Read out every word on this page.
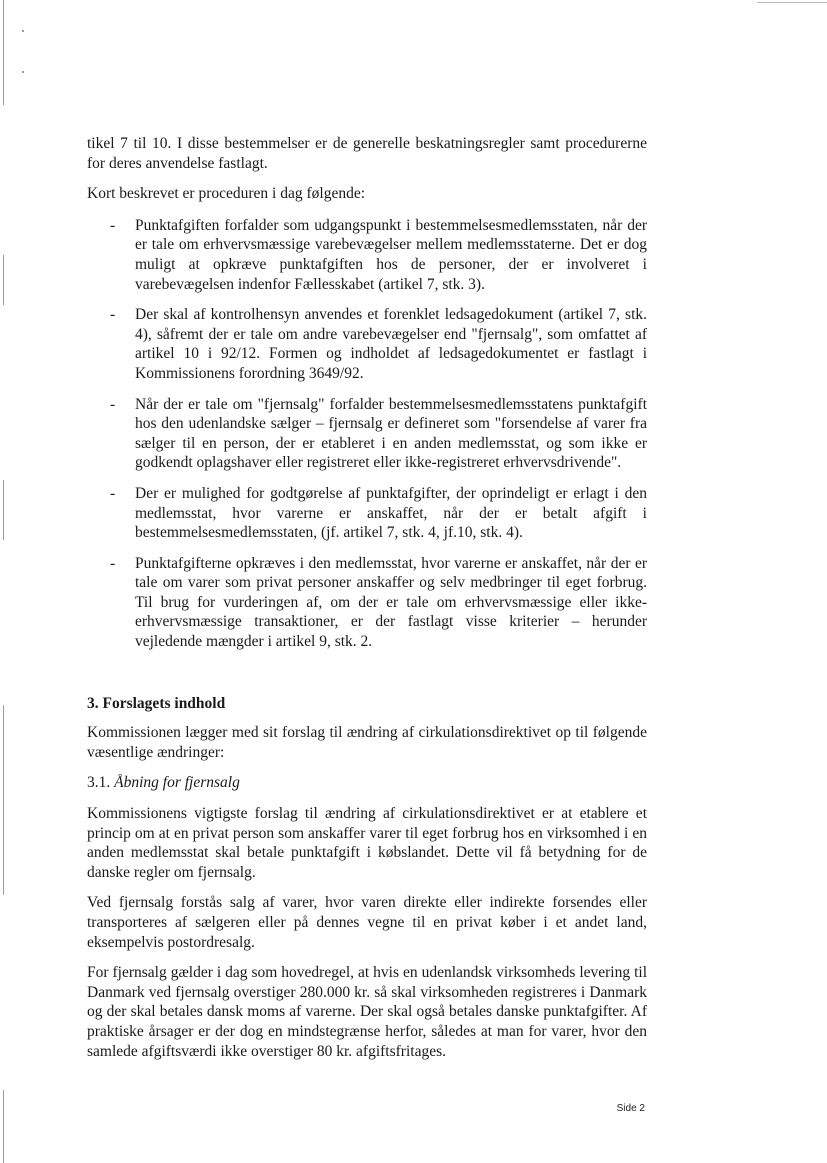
tikel 7 til 10. I disse bestemmelser er de generelle beskatningsregler samt procedurerne for deres anvendelse fastlagt.

Kort beskrevet er proceduren i dag følgende:

- Punktafgiften forfalder som udgangspunkt i bestemmelsesmedlemsstaten, når der er tale om erhvervsmæssige varebevægelser mellem medlemsstaterne. Det er dog muligt at opkræve punktafgiften hos de personer, der er involveret i varebevægelsen indenfor Fællesskabet (artikel 7, stk. 3).
- Der skal af kontrolhensyn anvendes et forenklet ledsagedokument (artikel 7, stk. 4), såfremt der er tale om andre varebevægelser end "fjernsalg", som omfattet af artikel 10 i 92/12. Formen og indholdet af ledsagedokumentet er fastlagt i Kommissionens forordning 3649/92.
- Når der er tale om "fjernsalg" forfalder bestemmelsesmedlemsstatens punktafgift hos den udenlandske sælger – fjernsalg er defineret som "forsendelse af varer fra sælger til en person, der er etableret i en anden medlemsstat, og som ikke er godkendt oplagshaver eller registreret eller ikke-registreret erhvervsdrivende".
- Der er mulighed for godtgørelse af punktafgifter, der oprindeligt er erlagt i den medlemsstat, hvor varerne er anskaffet, når der er betalt afgift i bestemmelsesmedlemsstaten, (jf. artikel 7, stk. 4, jf.10, stk. 4).
- Punktafgifterne opkræves i den medlemsstat, hvor varerne er anskaffet, når der er tale om varer som privat personer anskaffer og selv medbringer til eget forbrug. Til brug for vurderingen af, om der er tale om erhvervsmæssige eller ikke-erhvervsmæssige transaktioner, er der fastlagt visse kriterier – herunder vejledende mængder i artikel 9, stk. 2.
3. Forslagets indhold

Kommissionen lægger med sit forslag til ændring af cirkulationsdirektivet op til følgende væsentlige ændringer:

3.1. Åbning for fjernsalg

Kommissionens vigtigste forslag til ændring af cirkulationsdirektivet er at etablere et princip om at en privat person som anskaffer varer til eget forbrug hos en virksomhed i en anden medlemsstat skal betale punktafgift i købslandet. Dette vil få betydning for de danske regler om fjernsalg.

Ved fjernsalg forstås salg af varer, hvor varen direkte eller indirekte forsendes eller transporteres af sælgeren eller på dennes vegne til en privat køber i et andet land, eksempelvis postordresalg.

For fjernsalg gælder i dag som hovedregel, at hvis en udenlandsk virksomheds levering til Danmark ved fjernsalg overstiger 280.000 kr. så skal virksomheden registreres i Danmark og der skal betales dansk moms af varerne. Der skal også betales danske punktafgifter. Af praktiske årsager er der dog en mindstegrænse herfor, således at man for varer, hvor den samlede afgiftsværdi ikke overstiger 80 kr. afgiftsfritages.

Side 2
